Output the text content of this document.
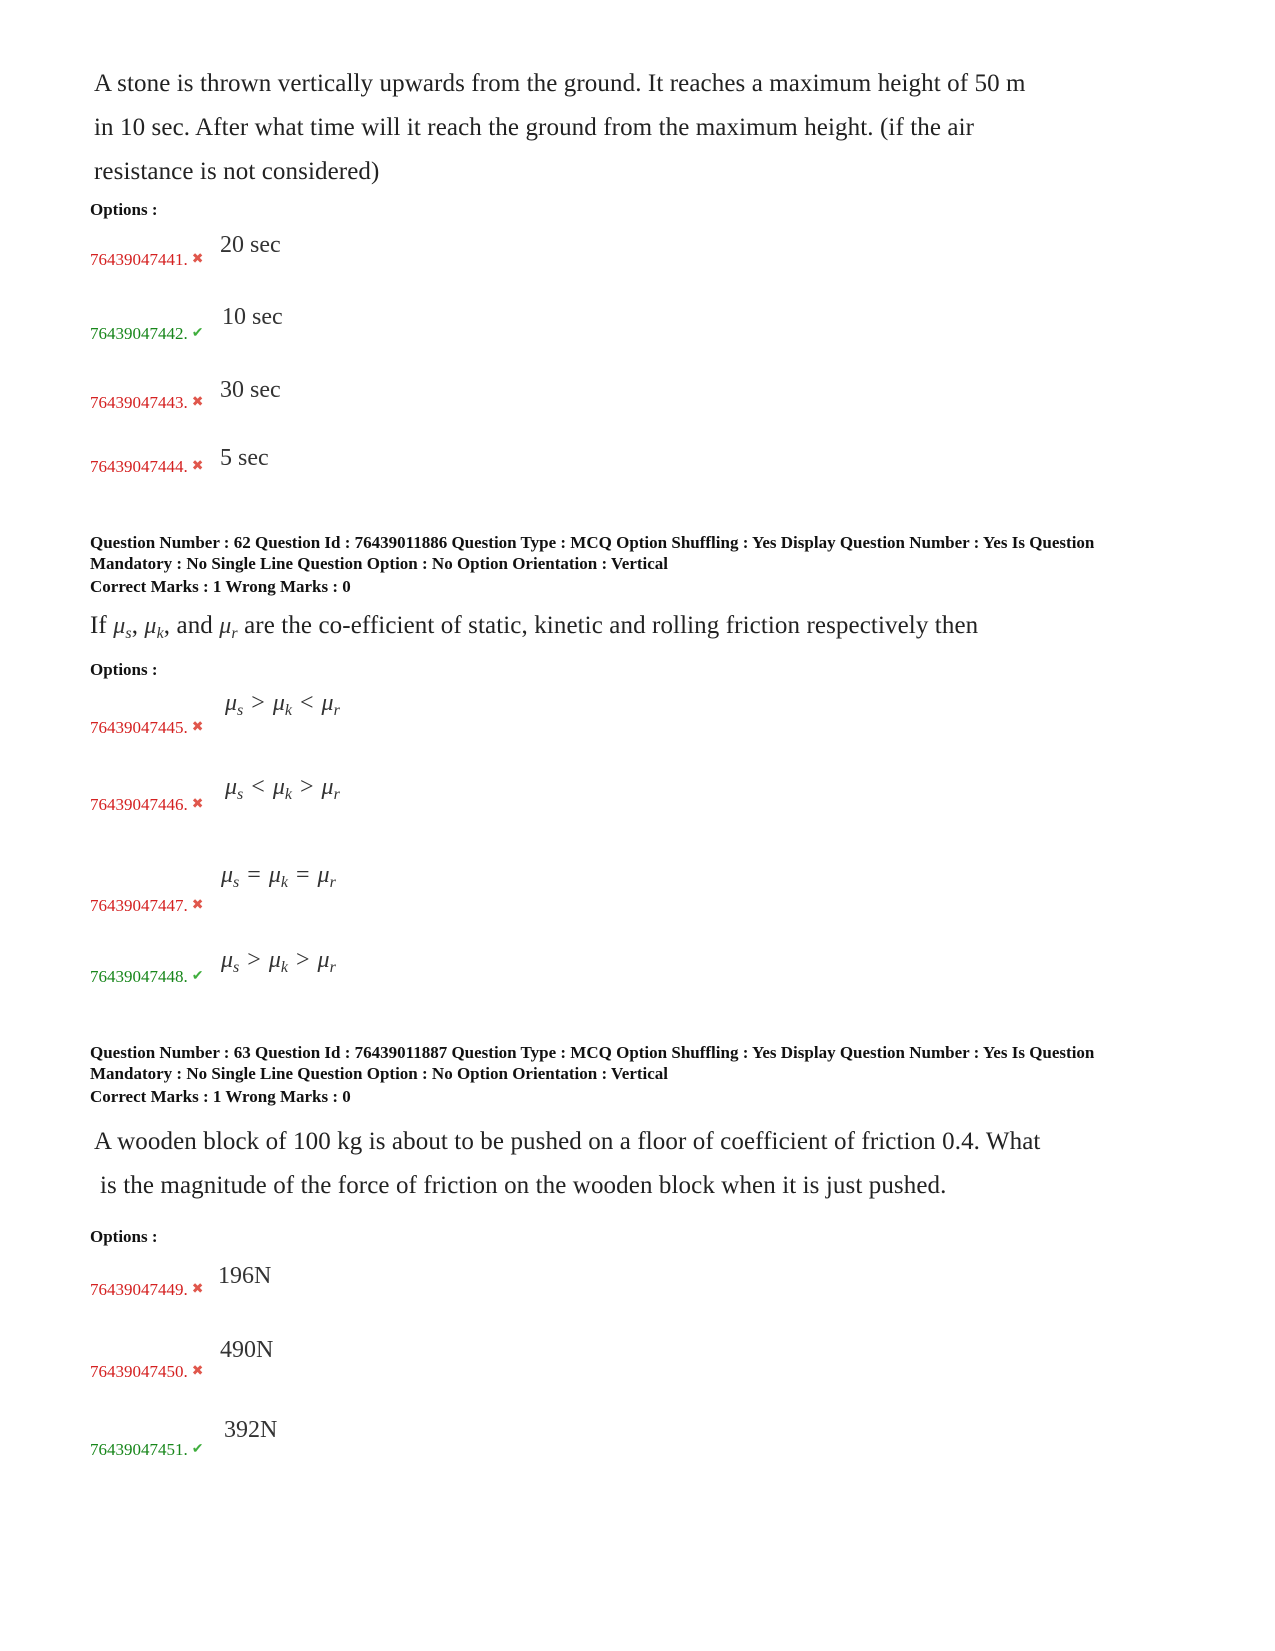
A stone is thrown vertically upwards from the ground. It reaches a maximum height of 50 m
in 10 sec. After what time will it reach the ground from the maximum height. (if the air
resistance is not considered)
Options :
76439047441. ✖
20 sec
76439047442. ✔
10 sec
76439047443. ✖ 30 sec
76439047444. ✖ 5 sec
Question Number : 62 Question Id : 76439011886 Question Type : MCQ Option Shuffling : Yes Display Question Number : Yes Is Question
Mandatory : No Single Line Question Option : No Option Orientation : Vertical
Correct Marks : 1 Wrong Marks : 0
If $\mu_s$, $\mu_k$, and $\mu_r$ are the co-efficient of static, kinetic and rolling friction respectively then
Options :
76439047445. ✖
$\mu_s > \mu_k < \mu_r$
76439047446. ✖
$\mu_s < \mu_k > \mu_r$
76439047447. ✖
$\mu_s = \mu_k = \mu_r$
76439047448. ✔
$\mu_s > \mu_k > \mu_r$
Question Number : 63 Question Id : 76439011887 Question Type : MCQ Option Shuffling : Yes Display Question Number : Yes Is Question
Mandatory : No Single Line Question Option : No Option Orientation : Vertical
Correct Marks : 1 Wrong Marks : 0
A wooden block of 100 kg is about to be pushed on a floor of coefficient of friction 0.4. What
is the magnitude of the force of friction on the wooden block when it is just pushed.
Options :
76439047449. ✖
196N
76439047450. ✖
490N
76439047451. ✔
392N
